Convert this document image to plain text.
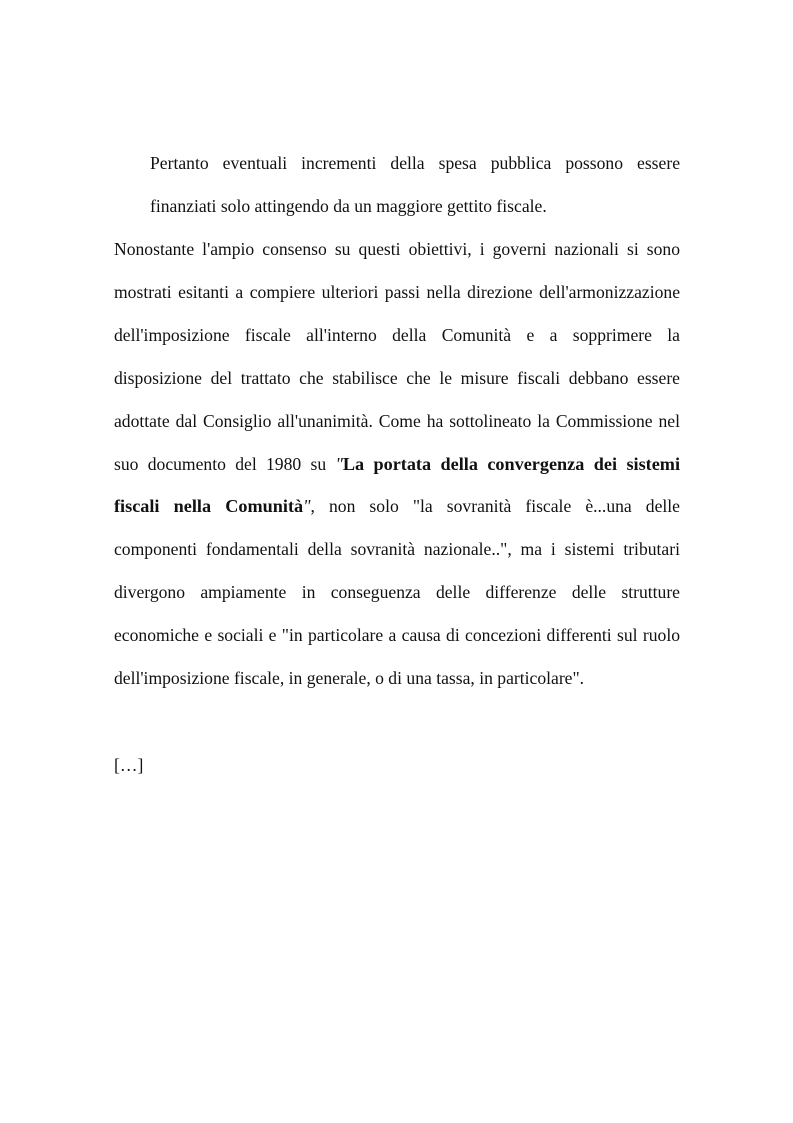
Pertanto eventuali incrementi della spesa pubblica possono essere finanziati solo attingendo da un maggiore gettito fiscale.

Nonostante l'ampio consenso su questi obiettivi, i governi nazionali si sono mostrati esitanti a compiere ulteriori passi nella direzione dell'armonizzazione dell'imposizione fiscale all'interno della Comunità e a sopprimere la disposizione del trattato che stabilisce che le misure fiscali debbano essere adottate dal Consiglio all'unanimità. Come ha sottolineato la Commissione nel suo documento del 1980 su "La portata della convergenza dei sistemi fiscali nella Comunità", non solo "la sovranità fiscale è...una delle componenti fondamentali della sovranità nazionale..", ma i sistemi tributari divergono ampiamente in conseguenza delle differenze delle strutture economiche e sociali e "in particolare a causa di concezioni differenti sul ruolo dell'imposizione fiscale, in generale, o di una tassa, in particolare".

[…]
